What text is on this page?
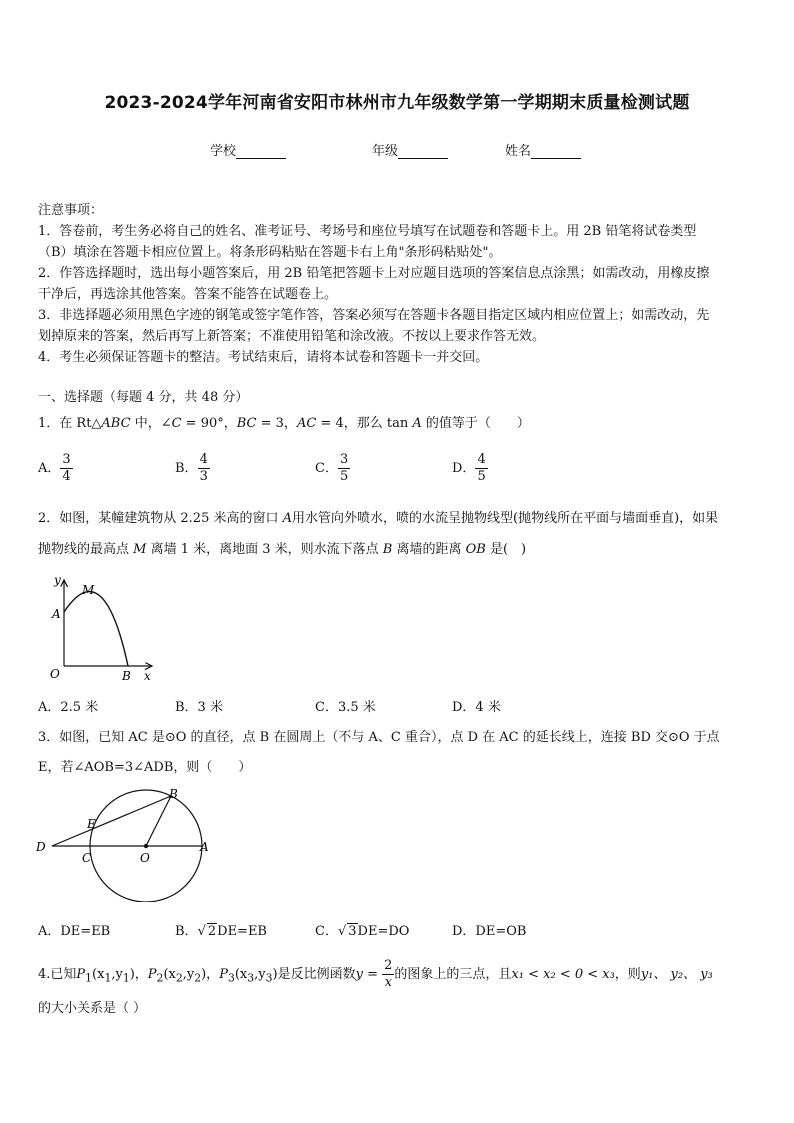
2023-2024学年河南省安阳市林州市九年级数学第一学期期末质量检测试题
学校	年级	姓名
注意事项：
1．答卷前，考生务必将自己的姓名、准考证号、考场号和座位号填写在试题卷和答题卡上。用 2B 铅笔将试卷类型
（B）填涂在答题卡相应位置上。将条形码粘贴在答题卡右上角"条形码粘贴处"。
2．作答选择题时，选出每小题答案后，用 2B 铅笔把答题卡上对应题目选项的答案信息点涂黑；如需改动，用橡皮擦
干净后，再选涂其他答案。答案不能答在试题卷上。
3．非选择题必须用黑色字迹的钢笔或签字笔作答，答案必须写在答题卡各题目指定区域内相应位置上；如需改动，先
划掉原来的答案，然后再写上新答案；不准使用铅笔和涂改液。不按以上要求作答无效。
4．考生必须保证答题卡的整洁。考试结束后，请将本试卷和答题卡一并交回。
一、选择题（每题 4 分，共 48 分）
1．在 Rt△ABC 中，∠C = 90°，BC = 3，AC = 4，那么 tan A 的值等于（　　）
A． $\frac{3}{4}$	B． $\frac{4}{3}$	C． $\frac{3}{5}$	D． $\frac{4}{5}$
2．如图，某幢建筑物从 2.25 米高的窗口 A用水管向外喷水，喷的水流呈抛物线型(抛物线所在平面与墙面垂直)，如果
抛物线的最高点 M 离墙 1 米，离地面 3 米，则水流下落点 B 离墙的距离 OB 是(　)
y
M
A
O	B x
A．2.5 米	B．3 米	C．3.5 米	D．4 米
3．如图，已知 AC 是⊙O 的直径，点 B 在圆周上（不与 A、C 重合），点 D 在 AC 的延长线上，连接 BD 交⊙O 于点
E，若∠AOB=3∠ADB，则（　　）
B
E
D
C	O
A
A．DE=EB	B．√ 2DE=EB	C．√ 3DE=DO	D．DE=OB
4.已知$P_1(x_1,y_1)$，$P_2(x_2,y_2)$，$P_3(x_3,y_3)$是反比例函数$y = \frac{2}{x}$ 的图象上的三点，且x₁ < x₂ < 0 < x₃，则y₁、 y₂、 y₃
的大小关系是（ ）
